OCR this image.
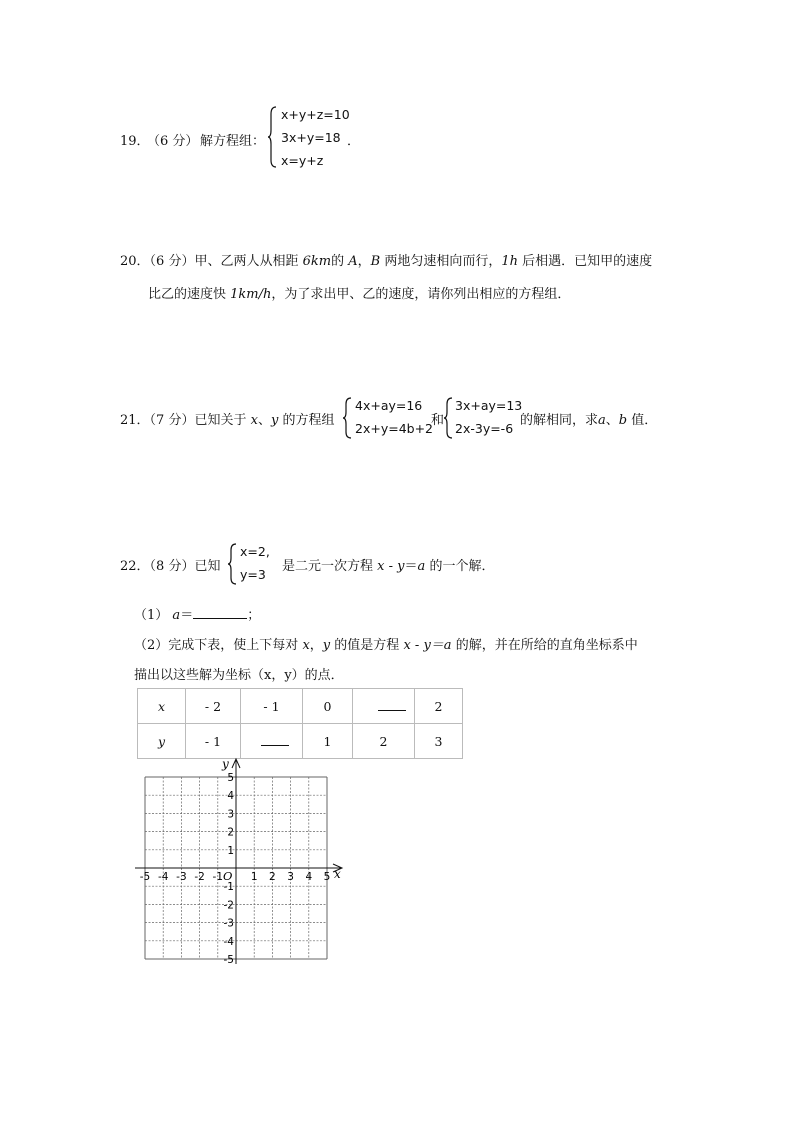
19．
（6 分） 解方程组：
x+y+z=10
3x+y=18 ．
x=y+z
20．（6 分）甲、乙两人从相距 6km的 A，B 两地匀速相向而行，1h 后相遇．已知甲的速度
比乙的速度快 1km/h，为了求出甲、乙的速度，请你列出相应的方程组．
21．（7 分）已知关于 x、y 的方程组
4x+ay=16
2x+y=4b+2
和
3x+ay=13
2x-3y=-6
的解相同，求a、b 值．
22．（8 分）已知
x=2,
y=3
是二元一次方程 x - y＝a 的一个解．
（1） a＝	；
（2）完成下表，使上下每对 x，y 的值是方程 x - y＝a 的解，并在所给的直角坐标系中
描出以这些解为坐标（x，y）的点．
x	- 2	- 1	0		2
y	- 1		1	2	3
-5 -4 -3 -2 -1	1 2 3 4 5
5
4
3
2
1
-1
-2
-3
-4
-5
x
y
O
